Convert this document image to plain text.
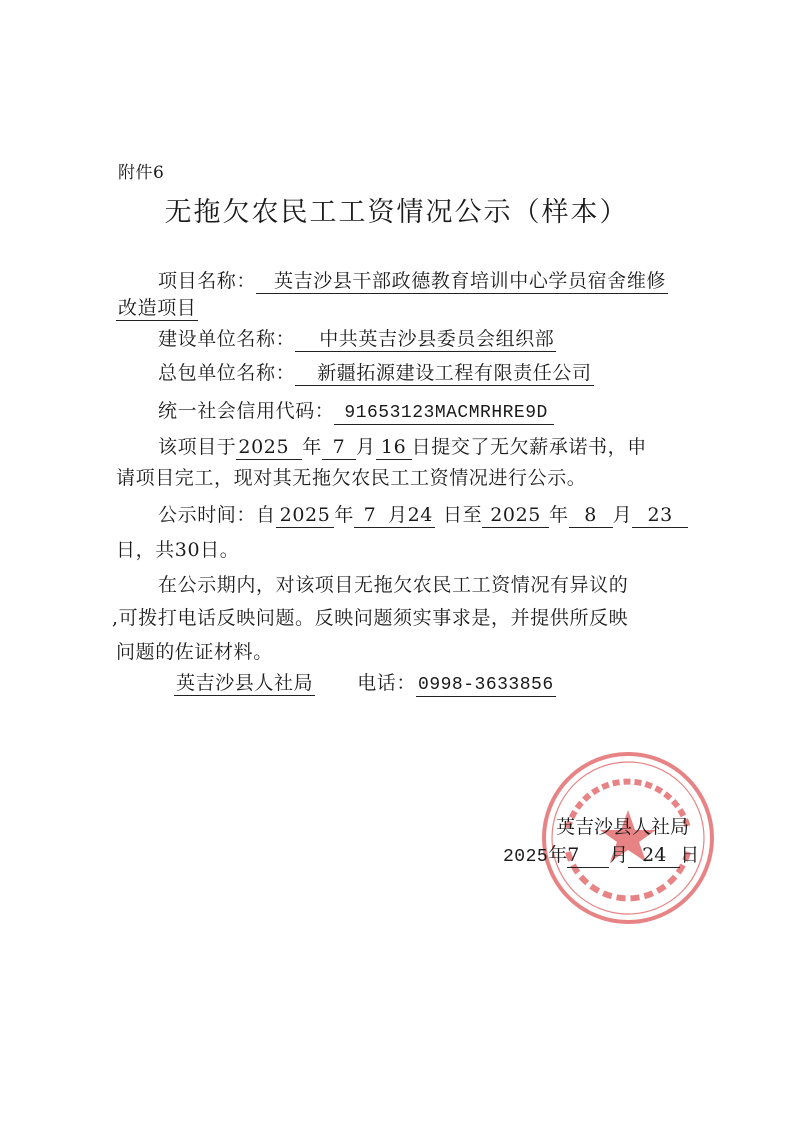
附件6
无拖欠农民工工资情况公示（样本）
项目名称： 英吉沙县干部政德教育培训中心学员宿舍维修
改造项目
建设单位名称： 中共英吉沙县委员会组织部
总包单位名称： 新疆拓源建设工程有限责任公司
统一社会信用代码： 91653123MACMRHRE9D
该项目于 2025 年 7 月 16 日提交了无欠薪承诺书，申
请项目完工，现对其无拖欠农民工工资情况进行公示。
公示时间：自 2025 年 7 月24 日至 2025 年 8 月 23
日，共30日。
在公示期内，对该项目无拖欠农民工工资情况有异议的
,可拨打电话反映问题。反映问题须实事求是，并提供所反映
问题的佐证材料。
英吉沙县人社局 电话： 0998-3633856
英吉沙县人社局
2025年7 月 24 日
